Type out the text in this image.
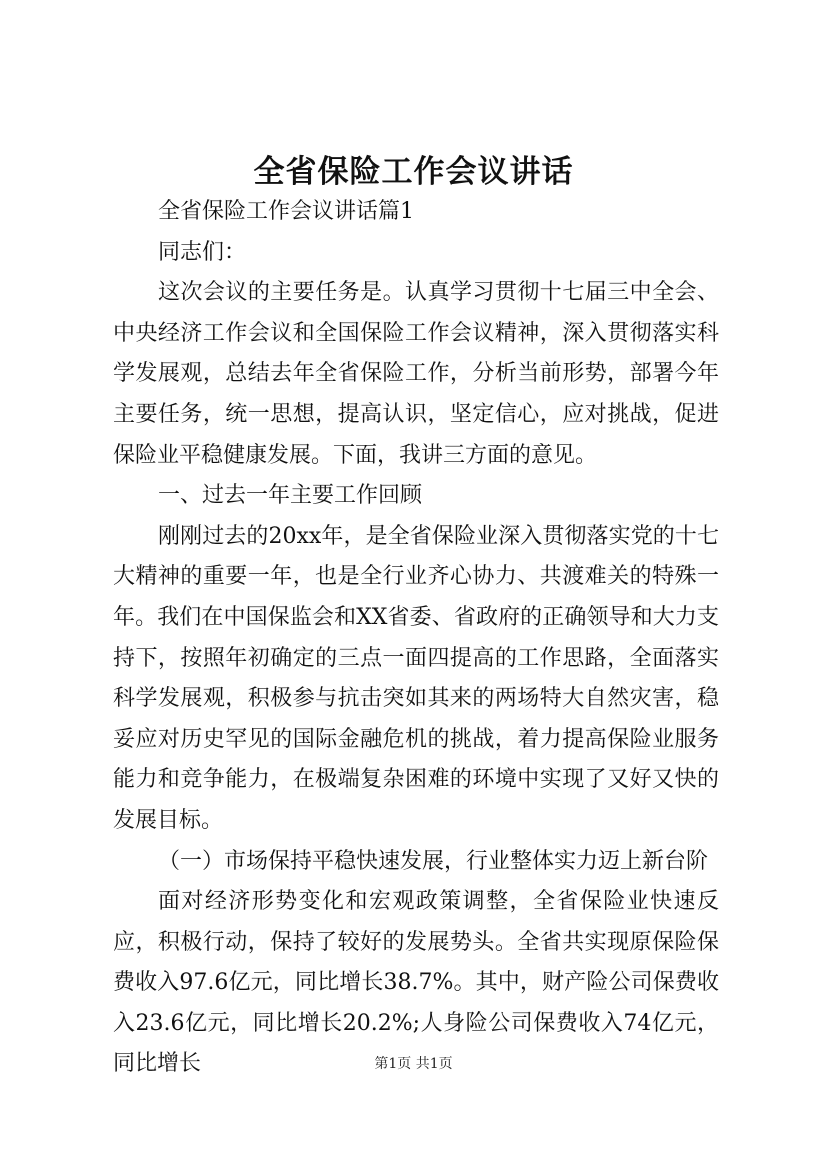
全省保险工作会议讲话

全省保险工作会议讲话篇1

同志们：

这次会议的主要任务是。认真学习贯彻十七届三中全会、中央经济工作会议和全国保险工作会议精神，深入贯彻落实科学发展观，总结去年全省保险工作，分析当前形势，部署今年主要任务，统一思想，提高认识，坚定信心，应对挑战，促进保险业平稳健康发展。下面，我讲三方面的意见。

一、过去一年主要工作回顾

刚刚过去的20xx年，是全省保险业深入贯彻落实党的十七大精神的重要一年，也是全行业齐心协力、共渡难关的特殊一年。我们在中国保监会和XX省委、省政府的正确领导和大力支持下，按照年初确定的三点一面四提高的工作思路，全面落实科学发展观，积极参与抗击突如其来的两场特大自然灾害，稳妥应对历史罕见的国际金融危机的挑战，着力提高保险业服务能力和竞争能力，在极端复杂困难的环境中实现了又好又快的发展目标。

（一）市场保持平稳快速发展，行业整体实力迈上新台阶

面对经济形势变化和宏观政策调整，全省保险业快速反应，积极行动，保持了较好的发展势头。全省共实现原保险保费收入97.6亿元，同比增长38.7%。其中，财产险公司保费收入23.6亿元，同比增长20.2%;人身险公司保费收入74亿元，同比增长	第1页 共1页
